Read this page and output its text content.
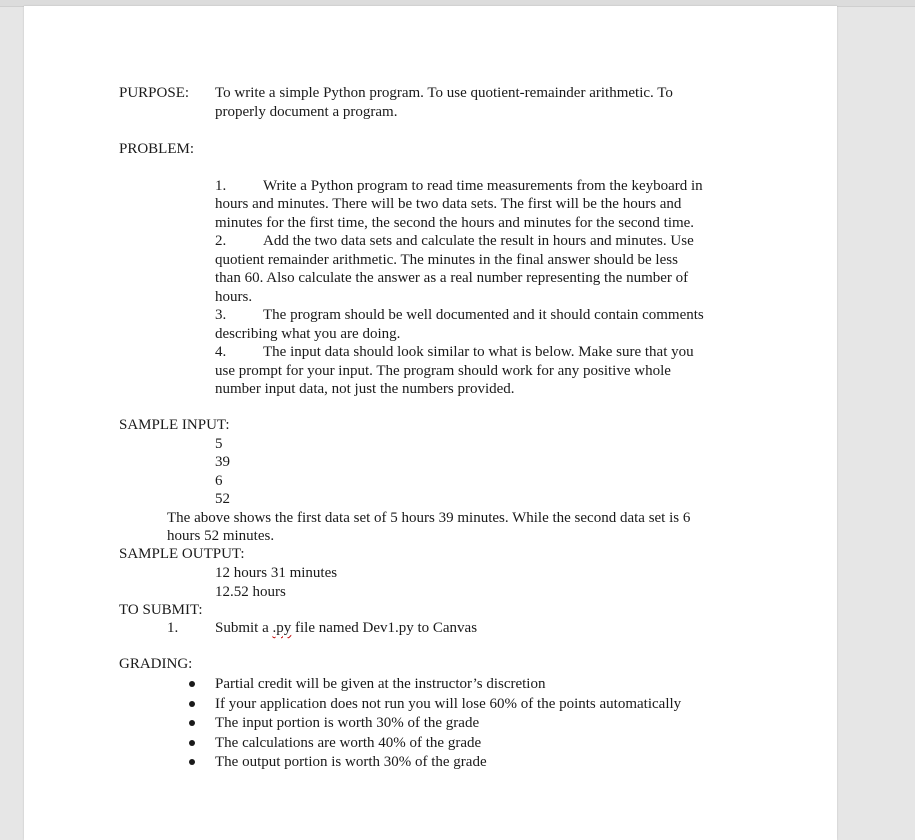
PURPOSE: To write a simple Python program. To use quotient-remainder arithmetic. To
properly document a program.
PROBLEM:
1. Write a Python program to read time measurements from the keyboard in
hours and minutes. There will be two data sets. The first will be the hours and
minutes for the first time, the second the hours and minutes for the second time.
2. Add the two data sets and calculate the result in hours and minutes. Use
quotient remainder arithmetic. The minutes in the final answer should be less
than 60. Also calculate the answer as a real number representing the number of
hours.
3. The program should be well documented and it should contain comments
describing what you are doing.
4. The input data should look similar to what is below. Make sure that you
use prompt for your input. The program should work for any positive whole
number input data, not just the numbers provided.
SAMPLE INPUT:
5
39
6
52
The above shows the first data set of 5 hours 39 minutes. While the second data set is 6
hours 52 minutes.
SAMPLE OUTPUT:
12 hours 31 minutes
12.52 hours
TO SUBMIT:
1. Submit a .py file named Dev1.py to Canvas
GRADING:
Partial credit will be given at the instructor’s discretion
If your application does not run you will lose 60% of the points automatically
The input portion is worth 30% of the grade
The calculations are worth 40% of the grade
The output portion is worth 30% of the grade
